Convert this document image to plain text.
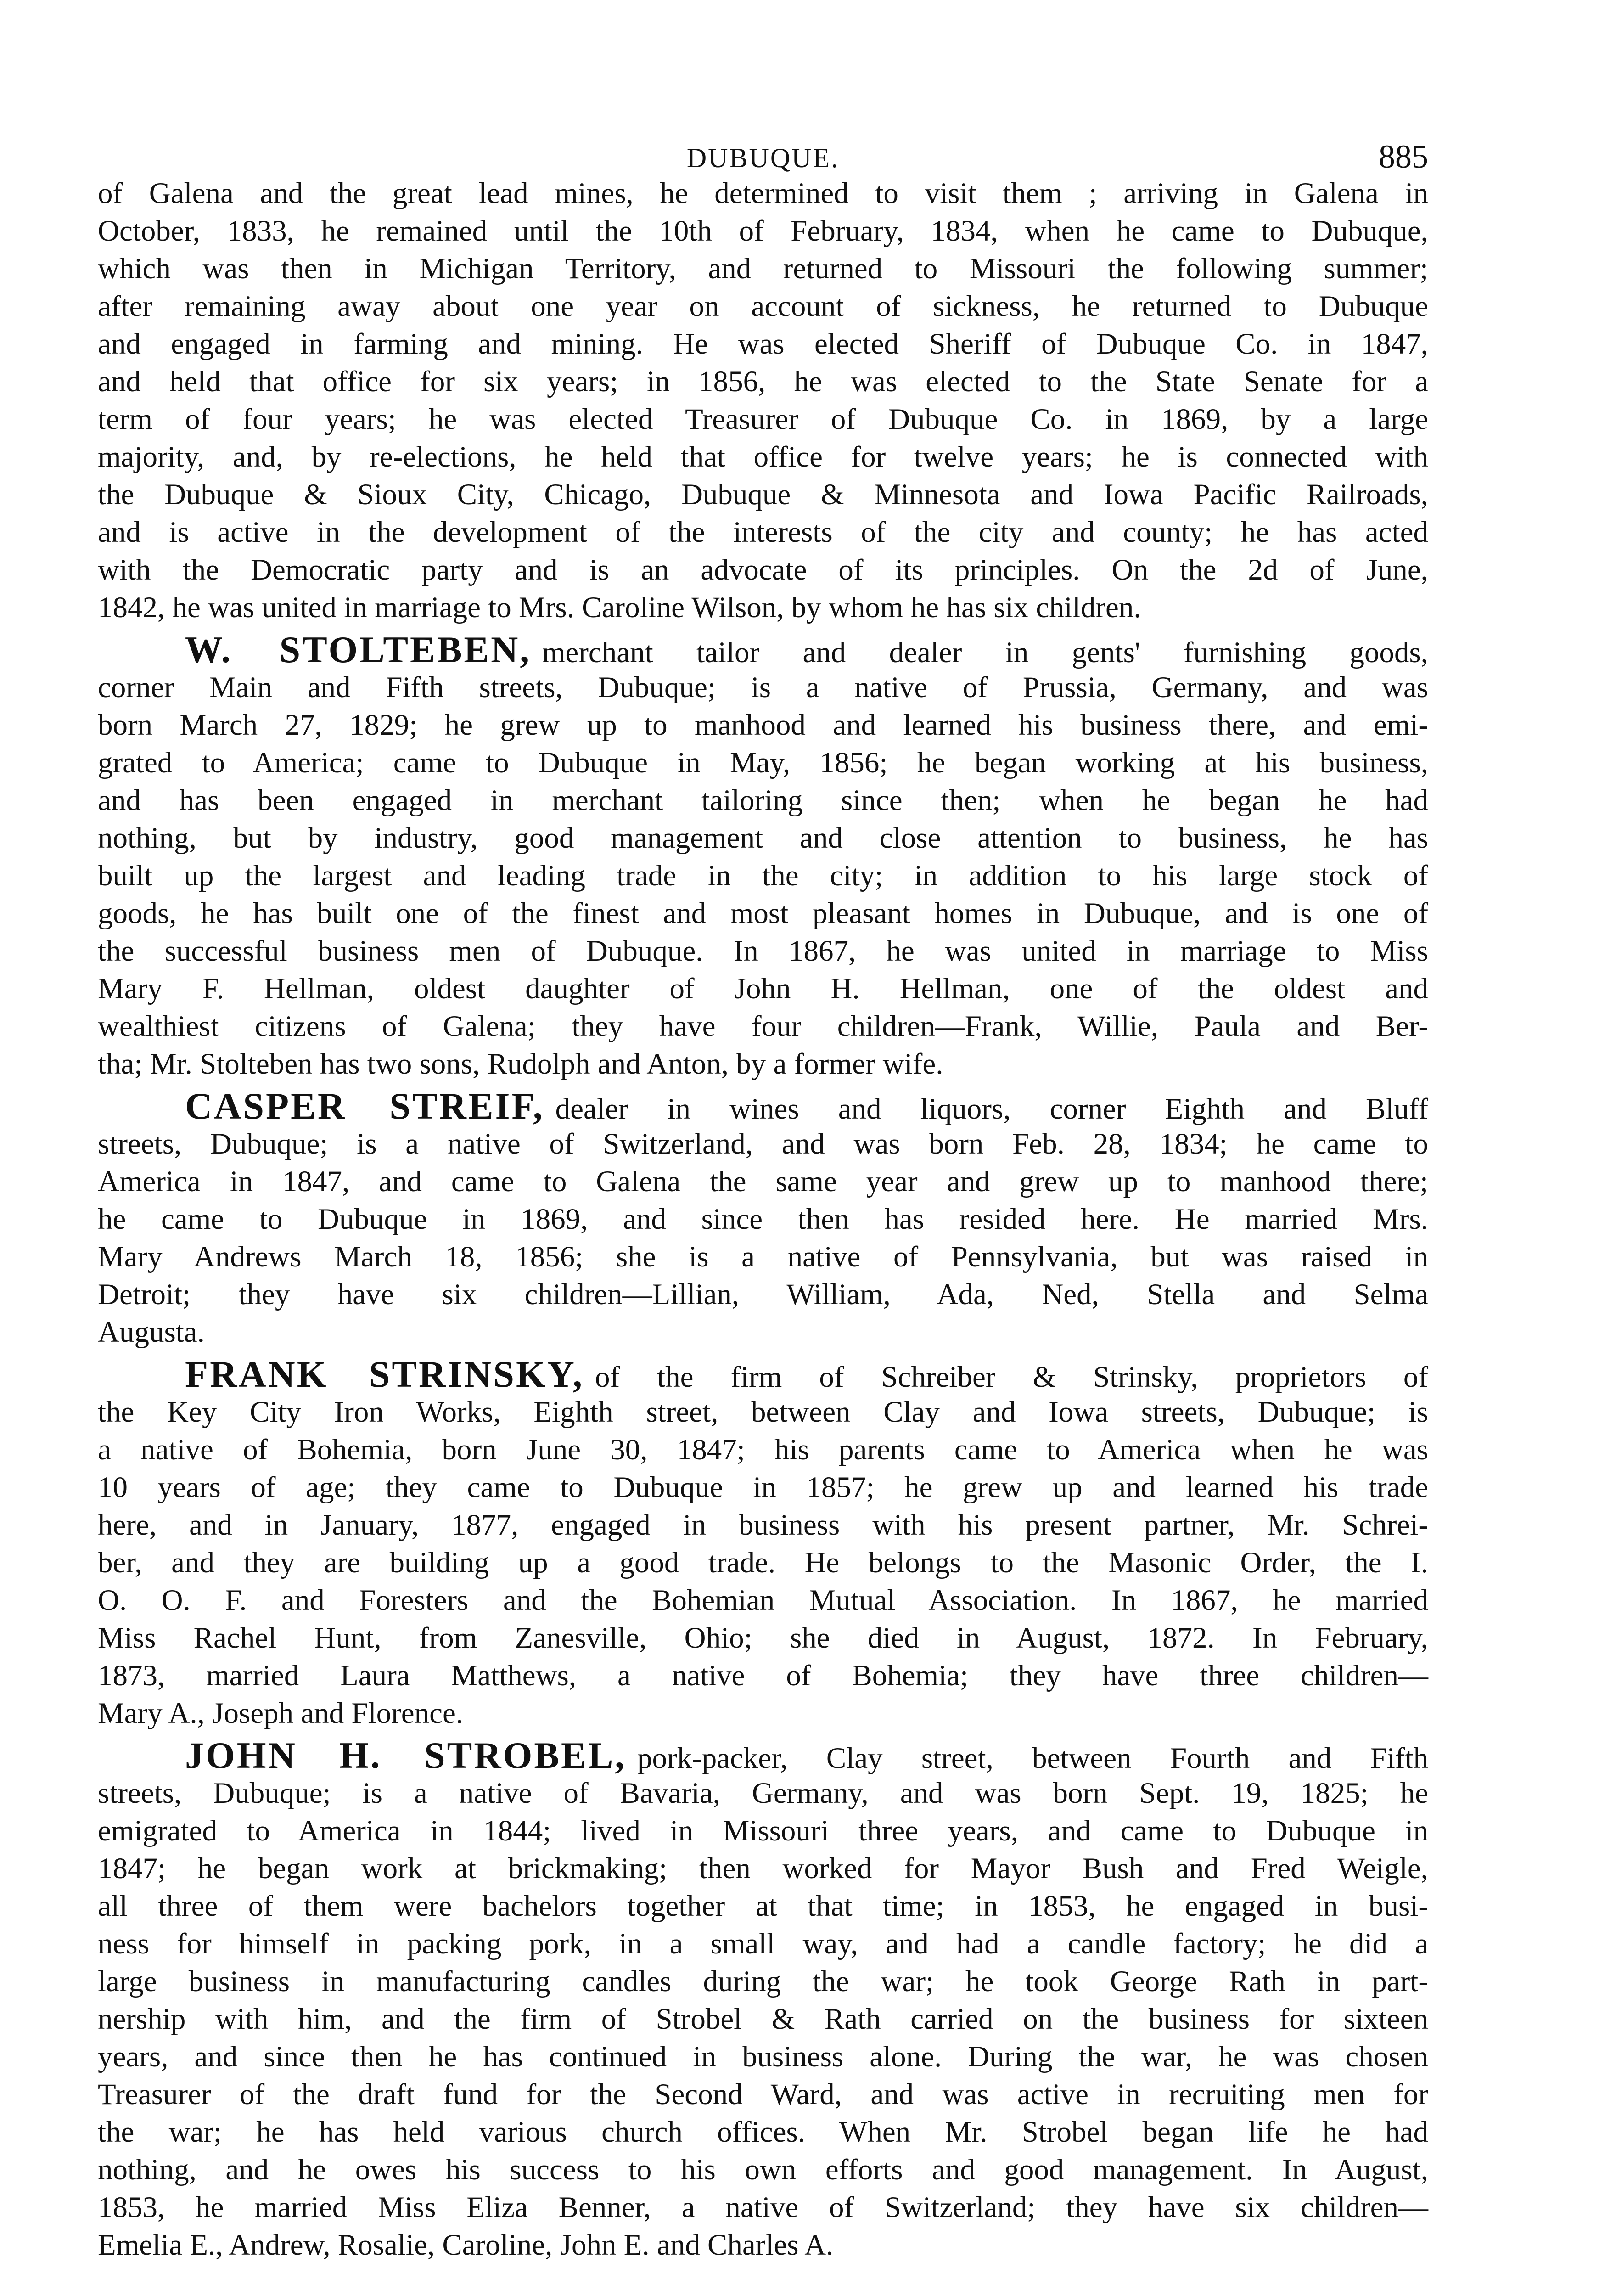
DUBUQUE.	885
of Galena and the great lead mines, he determined to visit them ; arriving in Galena in
October, 1833, he remained until the 10th of February, 1834, when he came to Dubuque,
which was then in Michigan Territory, and returned to Missouri the following summer;
after remaining away about one year on account of sickness, he returned to Dubuque
and engaged in farming and mining. He was elected Sheriff of Dubuque Co. in 1847,
and held that office for six years; in 1856, he was elected to the State Senate for a
term of four years; he was elected Treasurer of Dubuque Co. in 1869, by a large
majority, and, by re-elections, he held that office for twelve years; he is connected with
the Dubuque & Sioux City, Chicago, Dubuque & Minnesota and Iowa Pacific Railroads,
and is active in the development of the interests of the city and county; he has acted
with the Democratic party and is an advocate of its principles. On the 2d of June,
1842, he was united in marriage to Mrs. Caroline Wilson, by whom he has six children.
W. STOLTEBEN, merchant tailor and dealer in gents' furnishing goods,
corner Main and Fifth streets, Dubuque; is a native of Prussia, Germany, and was
born March 27, 1829; he grew up to manhood and learned his business there, and emi-
grated to America; came to Dubuque in May, 1856; he began working at his business,
and has been engaged in merchant tailoring since then; when he began he had
nothing, but by industry, good management and close attention to business, he has
built up the largest and leading trade in the city; in addition to his large stock of
goods, he has built one of the finest and most pleasant homes in Dubuque, and is one of
the successful business men of Dubuque. In 1867, he was united in marriage to Miss
Mary F. Hellman, oldest daughter of John H. Hellman, one of the oldest and
wealthiest citizens of Galena; they have four children—Frank, Willie, Paula and Ber-
tha; Mr. Stolteben has two sons, Rudolph and Anton, by a former wife.
CASPER STREIF, dealer in wines and liquors, corner Eighth and Bluff
streets, Dubuque; is a native of Switzerland, and was born Feb. 28, 1834; he came to
America in 1847, and came to Galena the same year and grew up to manhood there;
he came to Dubuque in 1869, and since then has resided here. He married Mrs.
Mary Andrews March 18, 1856; she is a native of Pennsylvania, but was raised in
Detroit; they have six children—Lillian, William, Ada, Ned, Stella and Selma
Augusta.
FRANK STRINSKY, of the firm of Schreiber & Strinsky, proprietors of
the Key City Iron Works, Eighth street, between Clay and Iowa streets, Dubuque; is
a native of Bohemia, born June 30, 1847; his parents came to America when he was
10 years of age; they came to Dubuque in 1857; he grew up and learned his trade
here, and in January, 1877, engaged in business with his present partner, Mr. Schrei-
ber, and they are building up a good trade. He belongs to the Masonic Order, the I.
O. O. F. and Foresters and the Bohemian Mutual Association. In 1867, he married
Miss Rachel Hunt, from Zanesville, Ohio; she died in August, 1872. In February,
1873, married Laura Matthews, a native of Bohemia; they have three children—
Mary A., Joseph and Florence.
JOHN H. STROBEL, pork-packer, Clay street, between Fourth and Fifth
streets, Dubuque; is a native of Bavaria, Germany, and was born Sept. 19, 1825; he
emigrated to America in 1844; lived in Missouri three years, and came to Dubuque in
1847; he began work at brickmaking; then worked for Mayor Bush and Fred Weigle,
all three of them were bachelors together at that time; in 1853, he engaged in busi-
ness for himself in packing pork, in a small way, and had a candle factory; he did a
large business in manufacturing candles during the war; he took George Rath in part-
nership with him, and the firm of Strobel & Rath carried on the business for sixteen
years, and since then he has continued in business alone. During the war, he was chosen
Treasurer of the draft fund for the Second Ward, and was active in recruiting men for
the war; he has held various church offices. When Mr. Strobel began life he had
nothing, and he owes his success to his own efforts and good management. In August,
1853, he married Miss Eliza Benner, a native of Switzerland; they have six children—
Emelia E., Andrew, Rosalie, Caroline, John E. and Charles A.
